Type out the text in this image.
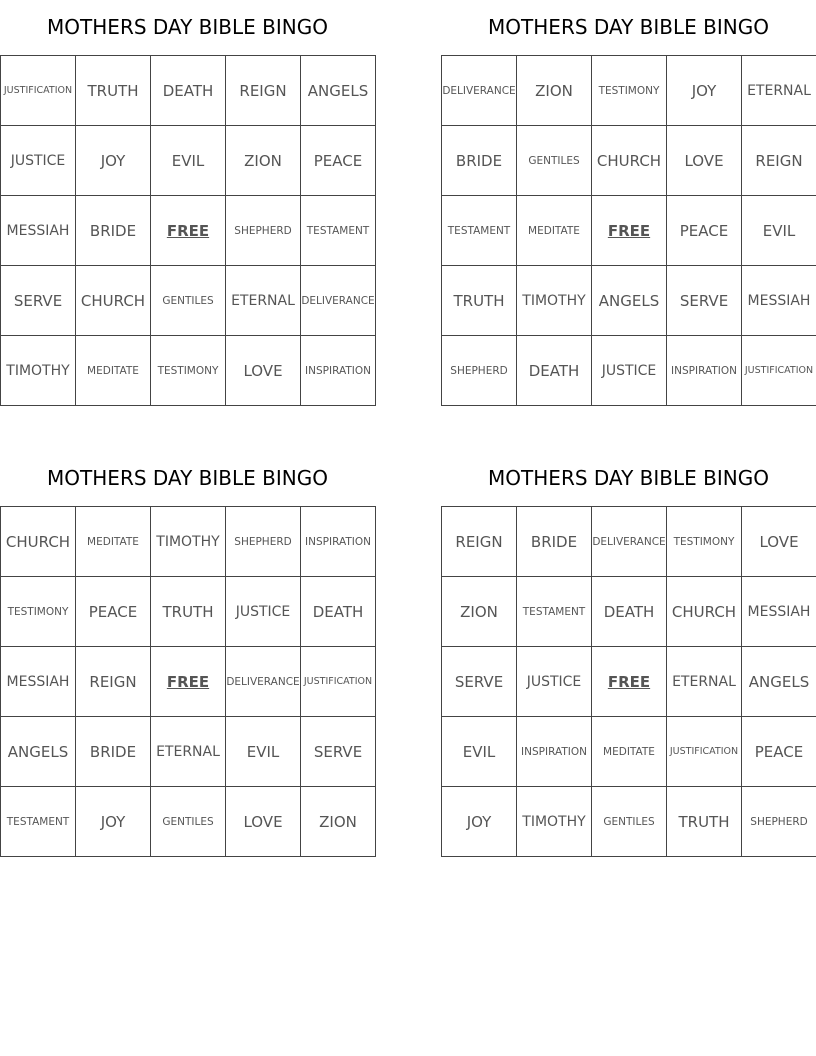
MOTHERS DAY BIBLE BINGO
JUSTIFICATION	TRUTH	DEATH	REIGN	ANGELS
JUSTICE	JOY	EVIL	ZION	PEACE
MESSIAH	BRIDE	FREE	SHEPHERD	TESTAMENT
SERVE	CHURCH	GENTILES	ETERNAL	DELIVERANCE
TIMOTHY	MEDITATE	TESTIMONY	LOVE	INSPIRATION
MOTHERS DAY BIBLE BINGO
DELIVERANCE	ZION	TESTIMONY	JOY	ETERNAL
BRIDE	GENTILES	CHURCH	LOVE	REIGN
TESTAMENT	MEDITATE	FREE	PEACE	EVIL
TRUTH	TIMOTHY	ANGELS	SERVE	MESSIAH
SHEPHERD	DEATH	JUSTICE	INSPIRATION	JUSTIFICATION
MOTHERS DAY BIBLE BINGO
CHURCH	MEDITATE	TIMOTHY	SHEPHERD	INSPIRATION
TESTIMONY	PEACE	TRUTH	JUSTICE	DEATH
MESSIAH	REIGN	FREE	DELIVERANCE	JUSTIFICATION
ANGELS	BRIDE	ETERNAL	EVIL	SERVE
TESTAMENT	JOY	GENTILES	LOVE	ZION
MOTHERS DAY BIBLE BINGO
REIGN	BRIDE	DELIVERANCE	TESTIMONY	LOVE
ZION	TESTAMENT	DEATH	CHURCH	MESSIAH
SERVE	JUSTICE	FREE	ETERNAL	ANGELS
EVIL	INSPIRATION	MEDITATE	JUSTIFICATION	PEACE
JOY	TIMOTHY	GENTILES	TRUTH	SHEPHERD
